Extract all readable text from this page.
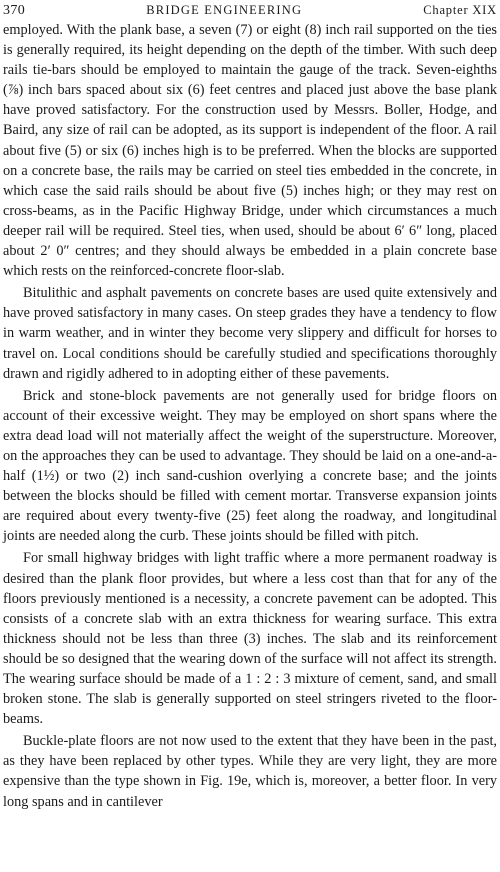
370	BRIDGE ENGINEERING	Chapter XIX

employed. With the plank base, a seven (7) or eight (8) inch rail supported on the ties is generally required, its height depending on the depth of the timber. With such deep rails tie-bars should be employed to maintain the gauge of the track. Seven-eighths (⅞) inch bars spaced about six (6) feet centres and placed just above the base plank have proved satisfactory. For the construction used by Messrs. Boller, Hodge, and Baird, any size of rail can be adopted, as its support is independent of the floor. A rail about five (5) or six (6) inches high is to be preferred. When the blocks are supported on a concrete base, the rails may be carried on steel ties embedded in the concrete, in which case the said rails should be about five (5) inches high; or they may rest on cross-beams, as in the Pacific Highway Bridge, under which circumstances a much deeper rail will be required. Steel ties, when used, should be about 6′ 6″ long, placed about 2′ 0″ centres; and they should always be embedded in a plain concrete base which rests on the reinforced-concrete floor-slab.

Bitulithic and asphalt pavements on concrete bases are used quite extensively and have proved satisfactory in many cases. On steep grades they have a tendency to flow in warm weather, and in winter they become very slippery and difficult for horses to travel on. Local conditions should be carefully studied and specifications thoroughly drawn and rigidly adhered to in adopting either of these pavements.

Brick and stone-block pavements are not generally used for bridge floors on account of their excessive weight. They may be employed on short spans where the extra dead load will not materially affect the weight of the superstructure. Moreover, on the approaches they can be used to advantage. They should be laid on a one-and-a-half (1½) or two (2) inch sand-cushion overlying a concrete base; and the joints between the blocks should be filled with cement mortar. Transverse expansion joints are required about every twenty-five (25) feet along the roadway, and longitudinal joints are needed along the curb. These joints should be filled with pitch.

For small highway bridges with light traffic where a more permanent roadway is desired than the plank floor provides, but where a less cost than that for any of the floors previously mentioned is a necessity, a concrete pavement can be adopted. This consists of a concrete slab with an extra thickness for wearing surface. This extra thickness should not be less than three (3) inches. The slab and its reinforcement should be so designed that the wearing down of the surface will not affect its strength. The wearing surface should be made of a 1 : 2 : 3 mixture of cement, sand, and small broken stone. The slab is generally supported on steel stringers riveted to the floor-beams.

Buckle-plate floors are not now used to the extent that they have been in the past, as they have been replaced by other types. While they are very light, they are more expensive than the type shown in Fig. 19e, which is, moreover, a better floor. In very long spans and in cantilever
